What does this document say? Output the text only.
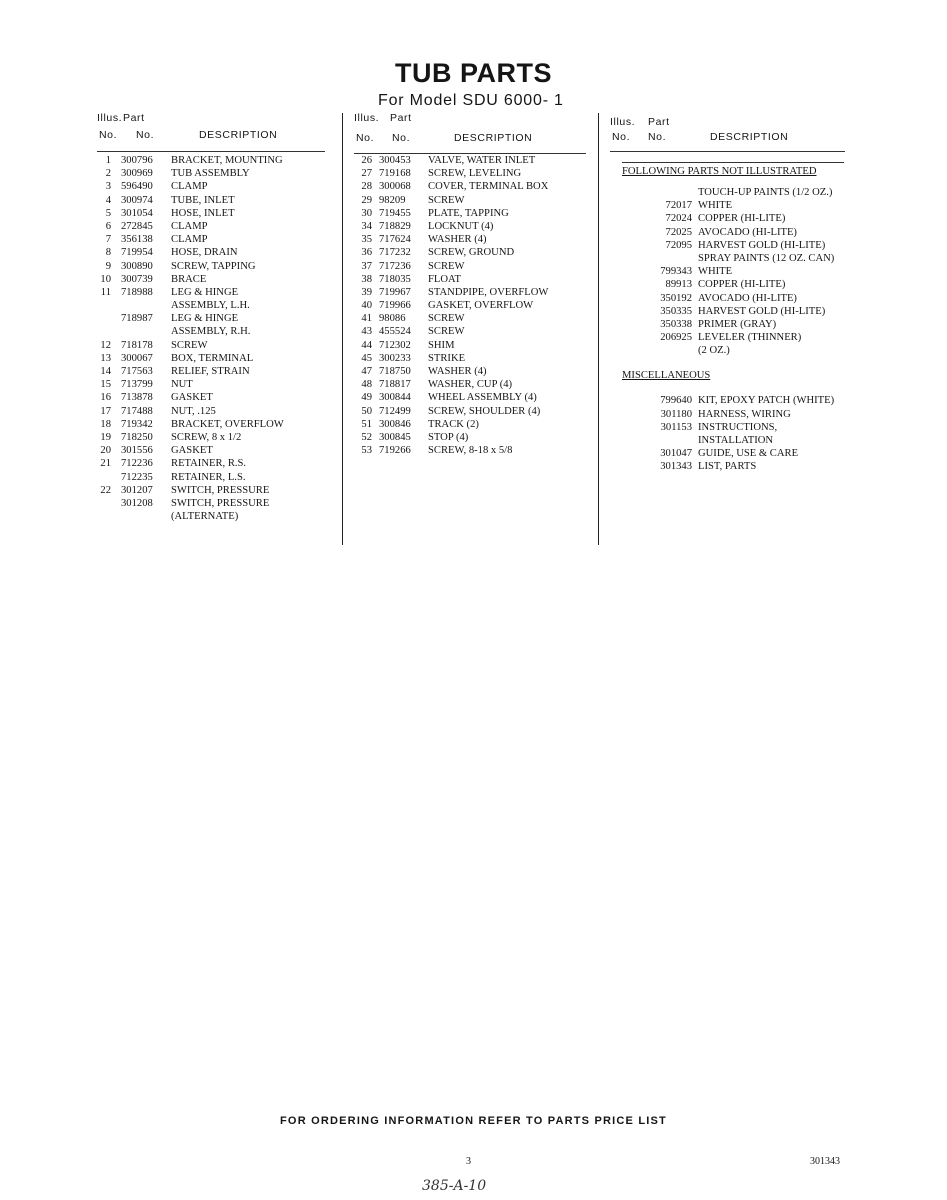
TUB PARTS
For Model SDU 6000- 1
Illus. Part
No. No.	DESCRIPTION
1 300796 BRACKET, MOUNTING
2 300969 TUB ASSEMBLY
3 596490 CLAMP
4 300974 TUBE, INLET
5 301054 HOSE, INLET
6 272845 CLAMP
7 356138 CLAMP
8 719954 HOSE, DRAIN
9 300890 SCREW, TAPPING
10 300739 BRACE
11 718988 LEG & HINGE
ASSEMBLY, L.H.
718987 LEG & HINGE
ASSEMBLY, R.H.
12 718178 SCREW
13 300067 BOX, TERMINAL
14 717563 RELIEF, STRAIN
15 713799 NUT
16 713878 GASKET
17 717488 NUT, .125
18 719342 BRACKET, OVERFLOW
19 718250 SCREW, 8 x 1/2
20 301556 GASKET
21 712236 RETAINER, R.S.
712235 RETAINER, L.S.
22 301207 SWITCH, PRESSURE
301208 SWITCH, PRESSURE
(ALTERNATE)
Illus. Part
No. No.	DESCRIPTION
26 300453 VALVE, WATER INLET
27 719168 SCREW, LEVELING
28 300068 COVER, TERMINAL BOX
29 98209 SCREW
30 719455 PLATE, TAPPING
34 718829 LOCKNUT (4)
35 717624 WASHER (4)
36 717232 SCREW, GROUND
37 717236 SCREW
38 718035 FLOAT
39 719967 STANDPIPE, OVERFLOW
40 719966 GASKET, OVERFLOW
41 98086 SCREW
43 455524 SCREW
44 712302 SHIM
45 300233 STRIKE
47 718750 WASHER (4)
48 718817 WASHER, CUP (4)
49 300844 WHEEL ASSEMBLY (4)
50 712499 SCREW, SHOULDER (4)
51 300846 TRACK (2)
52 300845 STOP (4)
53 719266 SCREW, 8-18 x 5/8
Illus. Part
No. No.	DESCRIPTION
FOLLOWING PARTS NOT ILLUSTRATED
TOUCH-UP PAINTS (1/2 OZ.)
72017 WHITE
72024 COPPER (HI-LITE)
72025 AVOCADO (HI-LITE)
72095 HARVEST GOLD (HI-LITE)
SPRAY PAINTS (12 OZ. CAN)
799343 WHITE
89913 COPPER (HI-LITE)
350192 AVOCADO (HI-LITE)
350335 HARVEST GOLD (HI-LITE)
350338 PRIMER (GRAY)
206925 LEVELER (THINNER)
(2 OZ.)
MISCELLANEOUS
799640 KIT, EPOXY PATCH (WHITE)
301180 HARNESS, WIRING
301153 INSTRUCTIONS,
INSTALLATION
301047 GUIDE, USE & CARE
301343 LIST, PARTS
FOR ORDERING INFORMATION REFER TO PARTS PRICE LIST
3	301343
385-A-10
